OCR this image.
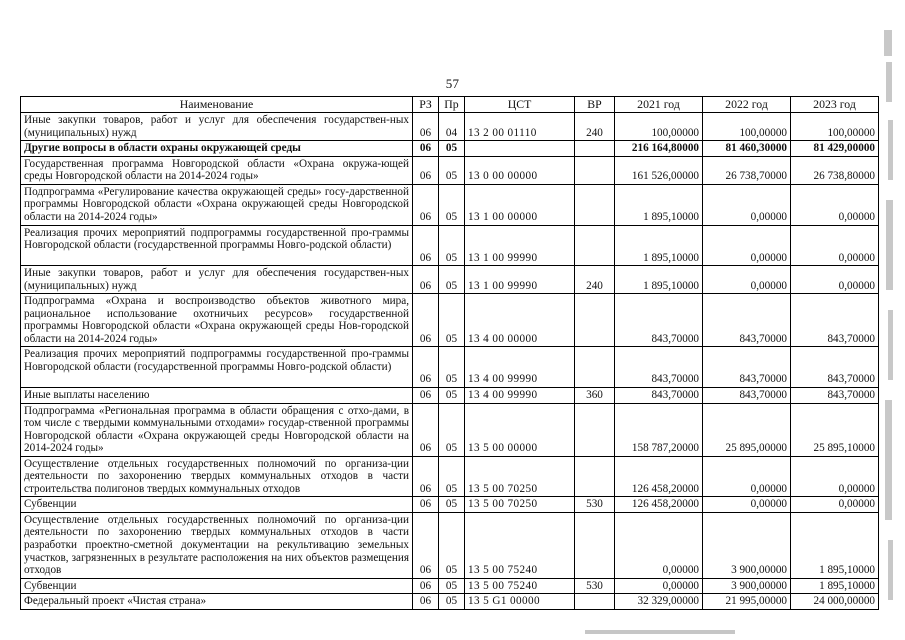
57
Наименование	РЗ	Пр	ЦСТ	ВР	2021 год	2022 год	2023 год
Иные закупки товаров, работ и услуг для обеспечения государствен-ных (муниципальных) нужд	06	04	13 2 00 01110	240	100,00000	100,00000	100,00000
Другие вопросы в области охраны окружающей среды	06	05			216 164,80000	81 460,30000	81 429,00000
Государственная программа Новгородской области «Охрана окружа-ющей среды Новгородской области на 2014-2024 годы»	06	05	13 0 00 00000		161 526,00000	26 738,70000	26 738,80000
Подпрограмма «Регулирование качества окружающей среды» госу-дарственной программы Новгородской области «Охрана окружающей среды Новгородской области на 2014-2024 годы»	06	05	13 1 00 00000		1 895,10000	0,00000	0,00000
Реализация прочих мероприятий подпрограммы государственной про-граммы Новгородской области (государственной программы Новго-родской области)	06	05	13 1 00 99990		1 895,10000	0,00000	0,00000
Иные закупки товаров, работ и услуг для обеспечения государствен-ных (муниципальных) нужд	06	05	13 1 00 99990	240	1 895,10000	0,00000	0,00000
Подпрограмма «Охрана и воспроизводство объектов животного мира, рациональное использование охотничьих ресурсов» государственной программы Новгородской области «Охрана окружающей среды Нов-городской области на 2014-2024 годы»	06	05	13 4 00 00000		843,70000	843,70000	843,70000
Реализация прочих мероприятий подпрограммы государственной про-граммы Новгородской области (государственной программы Новго-родской области)	06	05	13 4 00 99990		843,70000	843,70000	843,70000
Иные выплаты населению	06	05	13 4 00 99990	360	843,70000	843,70000	843,70000
Подпрограмма «Региональная программа в области обращения с отхо-дами, в том числе с твердыми коммунальными отходами» государ-ственной программы Новгородской области «Охрана окружающей среды Новгородской области на 2014-2024 годы»	06	05	13 5 00 00000		158 787,20000	25 895,00000	25 895,10000
Осуществление отдельных государственных полномочий по организа-ции деятельности по захоронению твердых коммунальных отходов в части строительства полигонов твердых коммунальных отходов	06	05	13 5 00 70250		126 458,20000	0,00000	0,00000
Субвенции	06	05	13 5 00 70250	530	126 458,20000	0,00000	0,00000
Осуществление отдельных государственных полномочий по организа-ции деятельности по захоронению твердых коммунальных отходов в части разработки проектно-сметной документации на рекультивацию земельных участков, загрязненных в результате расположения на них объектов размещения отходов	06	05	13 5 00 75240		0,00000	3 900,00000	1 895,10000
Субвенции	06	05	13 5 00 75240	530	0,00000	3 900,00000	1 895,10000
Федеральный проект «Чистая страна»	06	05	13 5 G1 00000		32 329,00000	21 995,00000	24 000,00000
